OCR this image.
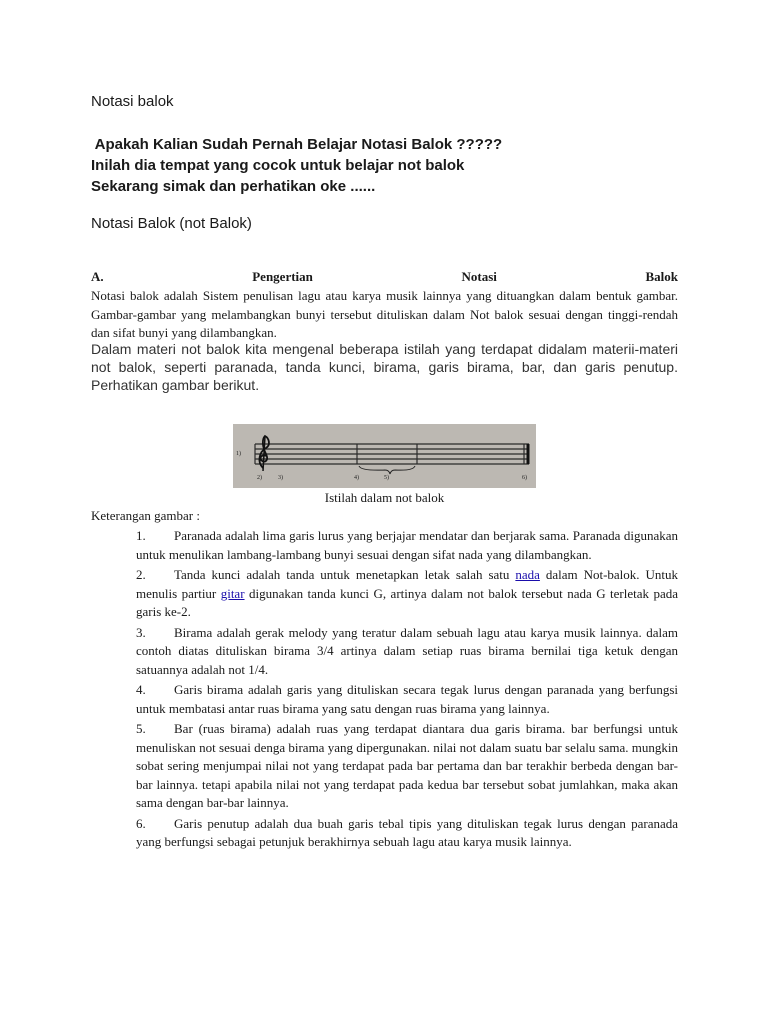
Notasi balok
Apakah Kalian Sudah Pernah Belajar Notasi Balok ?????
Inilah dia tempat yang cocok untuk belajar not balok
Sekarang simak dan perhatikan oke ......
Notasi Balok (not Balok)
A.	Pengertian	Notasi	Balok
Notasi balok adalah Sistem penulisan lagu atau karya musik lainnya yang dituangkan dalam bentuk gambar. Gambar-gambar yang melambangkan bunyi tersebut dituliskan dalam Not balok sesuai dengan tinggi-rendah dan sifat bunyi yang dilambangkan.
Dalam materi not balok kita mengenal beberapa istilah yang terdapat didalam materii-materi not balok, seperti paranada, tanda kunci, birama, garis birama, bar, dan garis penutup. Perhatikan gambar berikut.
1)
2)	3)	4)	5)	6)
Istilah dalam not balok
Keterangan gambar :
1. Paranada adalah lima garis lurus yang berjajar mendatar dan berjarak sama. Paranada digunakan untuk menulikan lambang-lambang bunyi sesuai dengan sifat nada yang dilambangkan.
2. Tanda kunci adalah tanda untuk menetapkan letak salah satu nada dalam Not-balok. Untuk menulis partiur gitar digunakan tanda kunci G, artinya dalam not balok tersebut nada G terletak pada garis ke-2.
3. Birama adalah gerak melody yang teratur dalam sebuah lagu atau karya musik lainnya. dalam contoh diatas dituliskan birama 3/4 artinya dalam setiap ruas birama bernilai tiga ketuk dengan satuannya adalah not 1/4.
4. Garis birama adalah garis yang dituliskan secara tegak lurus dengan paranada yang berfungsi untuk membatasi antar ruas birama yang satu dengan ruas birama yang lainnya.
5. Bar (ruas birama) adalah ruas yang terdapat diantara dua garis birama. bar berfungsi untuk menuliskan not sesuai denga birama yang dipergunakan. nilai not dalam suatu bar selalu sama. mungkin sobat sering menjumpai nilai not yang terdapat pada bar pertama dan bar terakhir berbeda dengan bar-bar lainnya. tetapi apabila nilai not yang terdapat pada kedua bar tersebut sobat jumlahkan, maka akan sama dengan bar-bar lainnya.
6. Garis penutup adalah dua buah garis tebal tipis yang dituliskan tegak lurus dengan paranada yang berfungsi sebagai petunjuk berakhirnya sebuah lagu atau karya musik lainnya.
